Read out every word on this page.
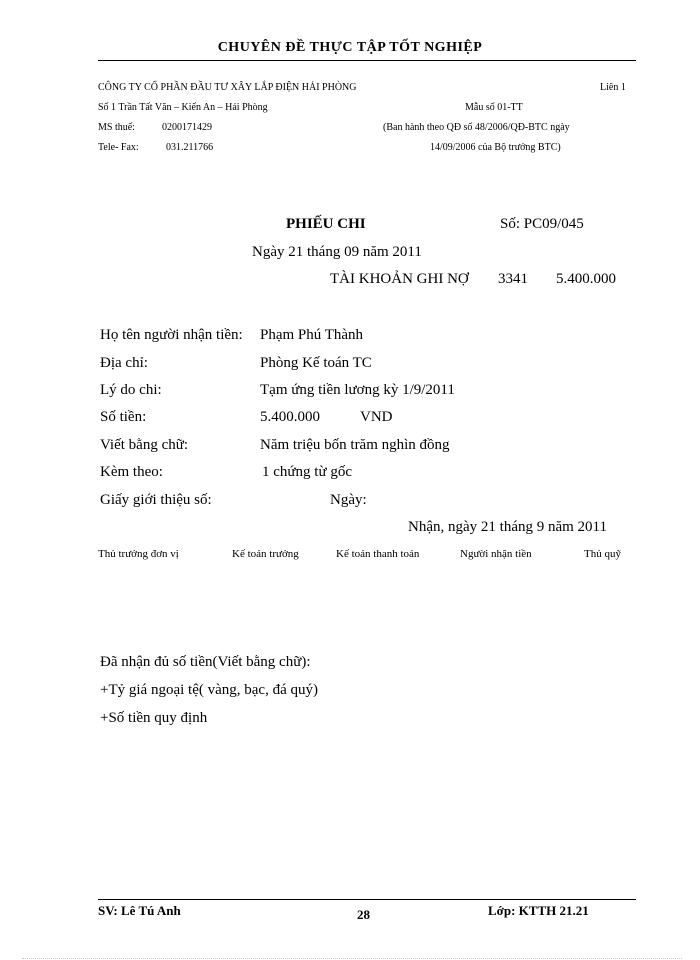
CHUYÊN ĐỀ THỰC TẬP TỐT NGHIỆP
CÔNG TY CỔ PHẦN ĐẦU TƯ XÂY LẮP ĐIỆN HẢI PHÒNG	Liên 1
Số 1 Trần Tất Văn – Kiến An – Hải Phòng	Mẫu số 01-TT
MS thuế:	0200171429	(Ban hành theo QĐ số 48/2006/QĐ-BTC ngày
Tele- Fax:	031.211766	14/09/2006 của Bộ trưởng BTC)
PHIẾU CHI	Số: PC09/045
Ngày 21 tháng 09 năm 2011
TÀI KHOẢN GHI NỢ 3341 5.400.000
Họ tên người nhận tiền: Phạm Phú Thành
Địa chỉ:	Phòng Kế toán TC
Lý do chi:	Tạm ứng tiền lương kỳ 1/9/2011
Số tiền:	5.400.000	VND
Viết bằng chữ:	Năm triệu bốn trăm nghìn đồng
Kèm theo:	1 chứng từ gốc
Giấy giới thiệu số:	Ngày:
Nhận, ngày 21 tháng 9 năm 2011
Thủ trưởng đơn vị	Kế toán trưởng	Kế toán thanh toán	Người nhận tiền	Thủ quỹ
Đã nhận đủ số tiền(Viết bằng chữ):
+Tỷ giá ngoại tệ( vàng, bạc, đá quý)
+Số tiền quy định
SV: Lê Tú Anh	28	Lớp: KTTH 21.21
